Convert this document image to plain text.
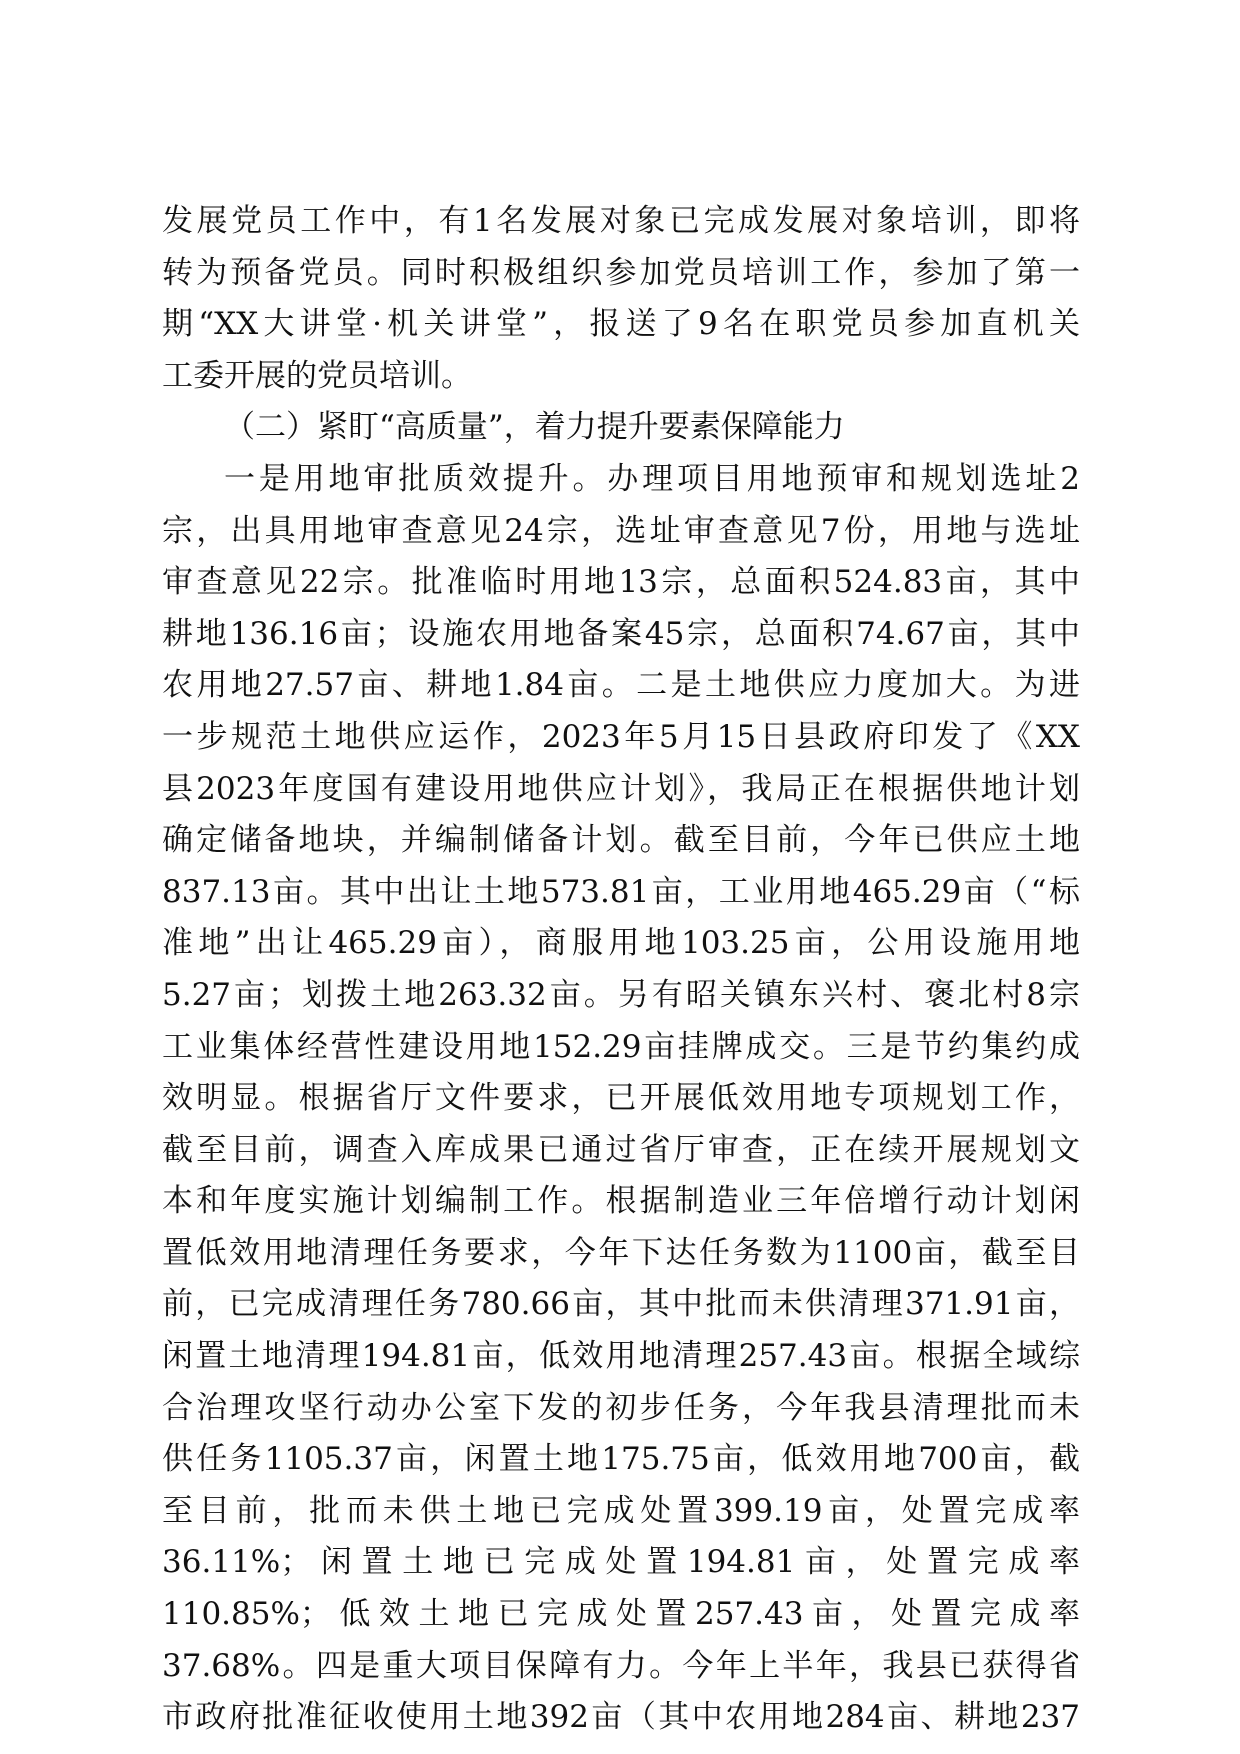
发展党员工作中，有1名发展对象已完成发展对象培训，即将
转为预备党员。同时积极组织参加党员培训工作，参加了第一
期“XX大讲堂·机关讲堂”，报送了9名在职党员参加直机关
工委开展的党员培训。
（二）紧盯“高质量”，着力提升要素保障能力
一是用地审批质效提升。办理项目用地预审和规划选址2
宗，出具用地审查意见24宗，选址审查意见7份，用地与选址
审查意见22宗。批准临时用地13宗，总面积524.83亩，其中
耕地136.16亩；设施农用地备案45宗，总面积74.67亩，其中
农用地27.57亩、耕地1.84亩。二是土地供应力度加大。为进
一步规范土地供应运作，2023年5月15日县政府印发了《XX
县2023年度国有建设用地供应计划》，我局正在根据供地计划
确定储备地块，并编制储备计划。截至目前，今年已供应土地
837.13亩。其中出让土地573.81亩，工业用地465.29亩（“标
准地”出让465.29亩），商服用地103.25亩，公用设施用地
5.27亩；划拨土地263.32亩。另有昭关镇东兴村、褒北村8宗
工业集体经营性建设用地152.29亩挂牌成交。三是节约集约成
效明显。根据省厅文件要求，已开展低效用地专项规划工作，
截至目前，调查入库成果已通过省厅审查，正在续开展规划文
本和年度实施计划编制工作。根据制造业三年倍增行动计划闲
置低效用地清理任务要求，今年下达任务数为1100亩，截至目
前，已完成清理任务780.66亩，其中批而未供清理371.91亩，
闲置土地清理194.81亩，低效用地清理257.43亩。根据全域综
合治理攻坚行动办公室下发的初步任务，今年我县清理批而未
供任务1105.37亩，闲置土地175.75亩，低效用地700亩，截
至目前，批而未供土地已完成处置399.19亩，处置完成率
36.11%；闲置土地已完成处置194.81亩，处置完成率
110.85%；低效土地已完成处置257.43亩，处置完成率
37.68%。四是重大项目保障有力。今年上半年，我县已获得省
市政府批准征收使用土地392亩（其中农用地284亩、耕地237
